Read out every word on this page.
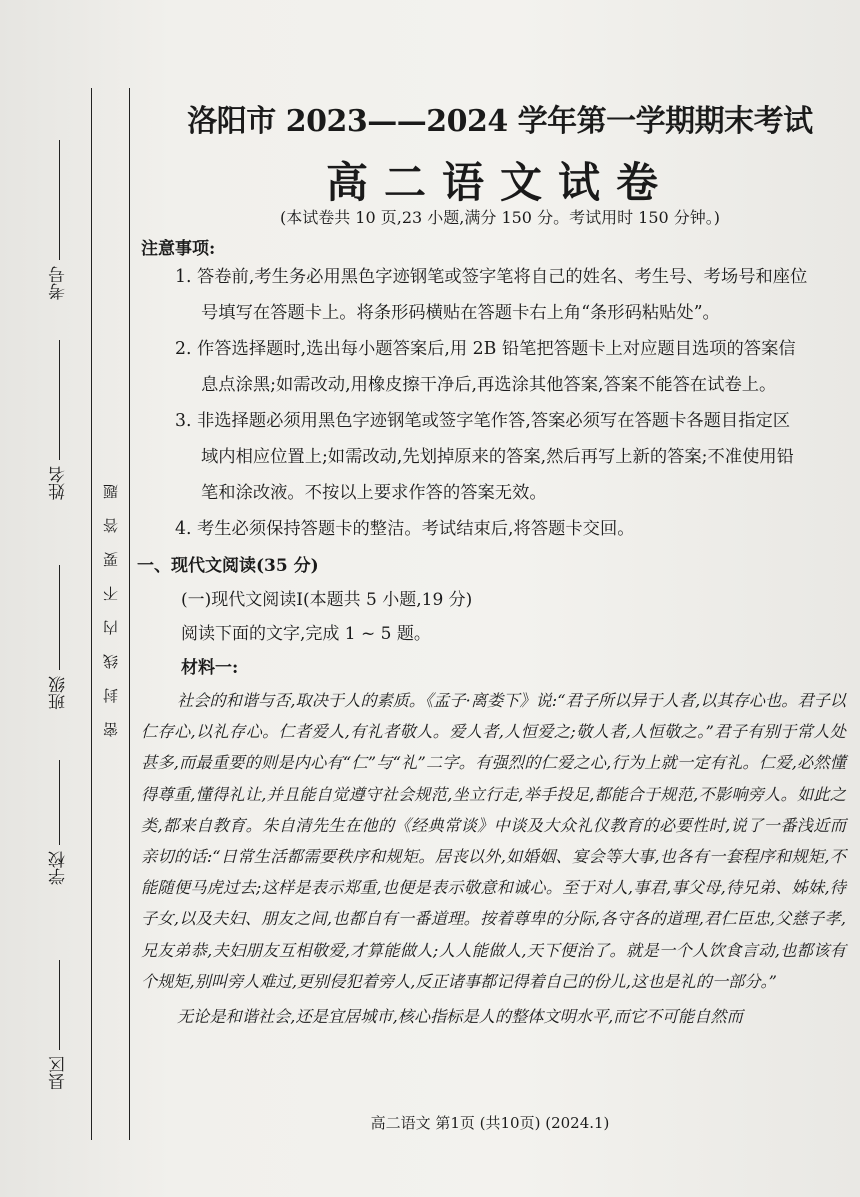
考号
姓名
班级
学校
县区
密封线内不要答题
洛阳市 2023——2024 学年第一学期期末考试
高二语文试卷
(本试卷共 10 页,23 小题,满分 150 分。考试用时 150 分钟。)
注意事项:
1. 答卷前,考生务必用黑色字迹钢笔或签字笔将自己的姓名、考生号、考场号和座位
号填写在答题卡上。将条形码横贴在答题卡右上角“条形码粘贴处”。
2. 作答选择题时,选出每小题答案后,用 2B 铅笔把答题卡上对应题目选项的答案信
息点涂黑;如需改动,用橡皮擦干净后,再选涂其他答案,答案不能答在试卷上。
3. 非选择题必须用黑色字迹钢笔或签字笔作答,答案必须写在答题卡各题目指定区
域内相应位置上;如需改动,先划掉原来的答案,然后再写上新的答案;不准使用铅
笔和涂改液。不按以上要求作答的答案无效。
4. 考生必须保持答题卡的整洁。考试结束后,将答题卡交回。
一、现代文阅读(35 分)
(一)现代文阅读Ⅰ(本题共 5 小题,19 分)
阅读下面的文字,完成 1 ~ 5 题。
材料一:
社会的和谐与否,取决于人的素质。《孟子·离娄下》说:“君子所以异于人者,以其存心也。君子以仁存心,以礼存心。仁者爱人,有礼者敬人。爱人者,人恒爱之;敬人者,人恒敬之。”君子有别于常人处甚多,而最重要的则是内心有“仁”与“礼”二字。有强烈的仁爱之心,行为上就一定有礼。仁爱,必然懂得尊重,懂得礼让,并且能自觉遵守社会规范,坐立行走,举手投足,都能合于规范,不影响旁人。如此之类,都来自教育。朱自清先生在他的《经典常谈》中谈及大众礼仪教育的必要性时,说了一番浅近而亲切的话:“日常生活都需要秩序和规矩。居丧以外,如婚姻、宴会等大事,也各有一套程序和规矩,不能随便马虎过去;这样是表示郑重,也便是表示敬意和诚心。至于对人,事君,事父母,待兄弟、姊妹,待子女,以及夫妇、朋友之间,也都自有一番道理。按着尊卑的分际,各守各的道理,君仁臣忠,父慈子孝,兄友弟恭,夫妇朋友互相敬爱,才算能做人;人人能做人,天下便治了。就是一个人饮食言动,也都该有个规矩,别叫旁人难过,更别侵犯着旁人,反正诸事都记得着自己的份儿,这也是礼的一部分。”
无论是和谐社会,还是宜居城市,核心指标是人的整体文明水平,而它不可能自然而
高二语文 第1页 (共10页) (2024.1)
